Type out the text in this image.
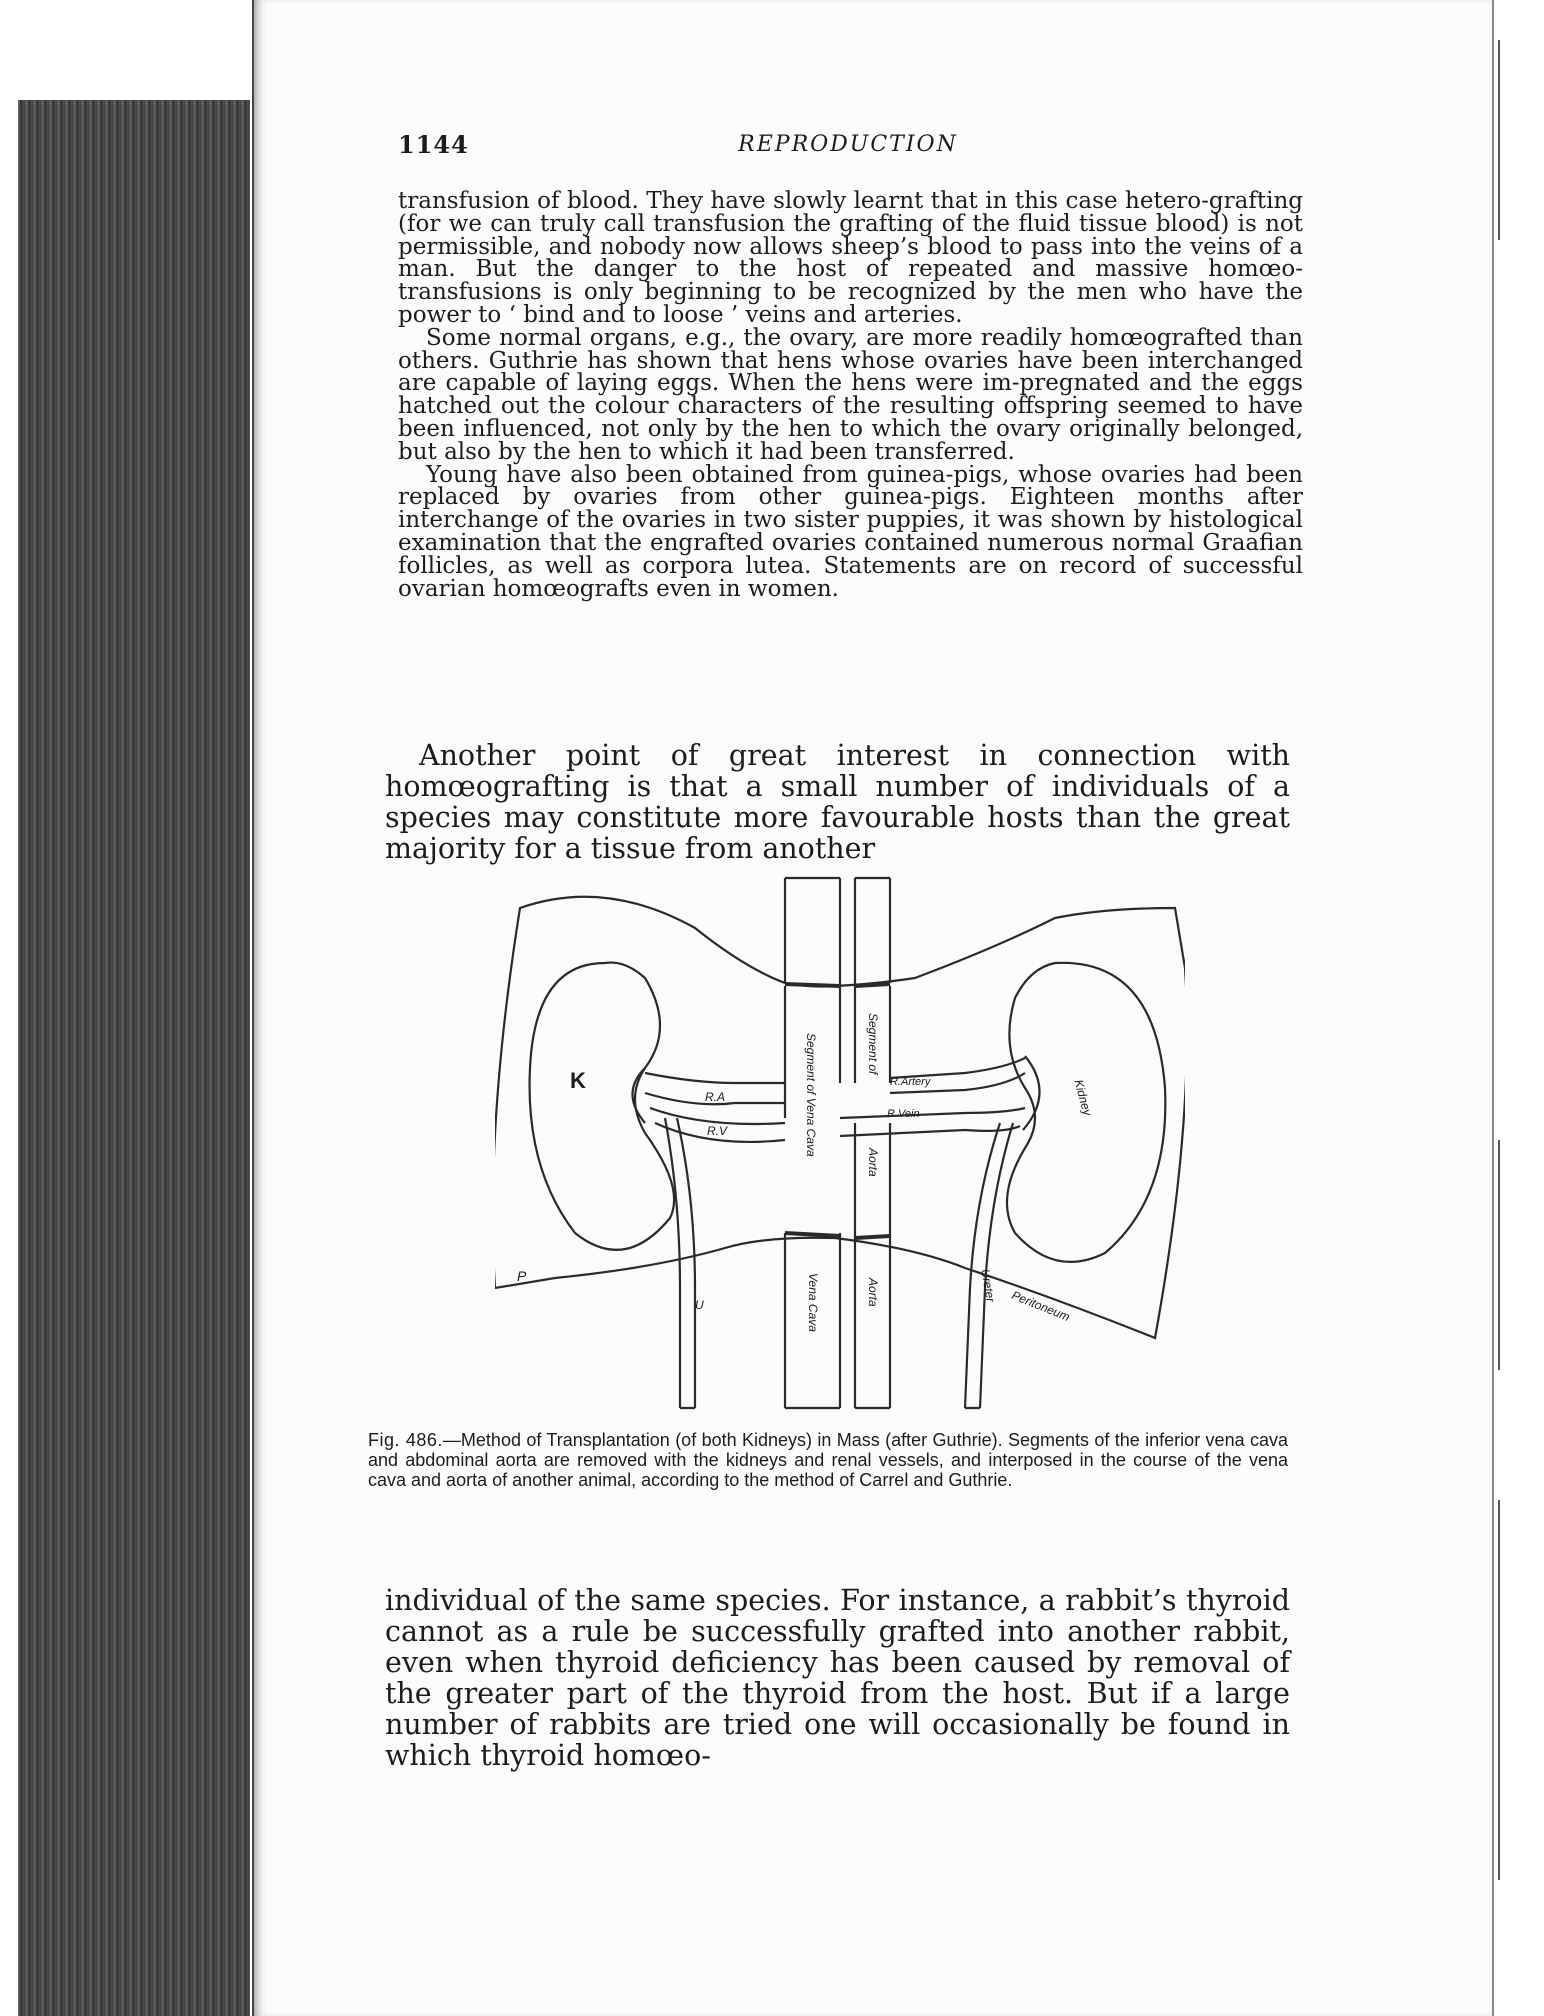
1144	REPRODUCTION

transfusion of blood. They have slowly learnt that in this case hetero-grafting (for we can truly call transfusion the grafting of the fluid tissue blood) is not permissible, and nobody now allows sheep’s blood to pass into the veins of a man. But the danger to the host of repeated and massive homœo-transfusions is only beginning to be recognized by the men who have the power to ‘ bind and to loose ’ veins and arteries.

Some normal organs, e.g., the ovary, are more readily homœografted than others. Guthrie has shown that hens whose ovaries have been interchanged are capable of laying eggs. When the hens were im-pregnated and the eggs hatched out the colour characters of the resulting offspring seemed to have been influenced, not only by the hen to which the ovary originally belonged, but also by the hen to which it had been transferred.

Young have also been obtained from guinea-pigs, whose ovaries had been replaced by ovaries from other guinea-pigs. Eighteen months after interchange of the ovaries in two sister puppies, it was shown by histological examination that the engrafted ovaries contained numerous normal Graafian follicles, as well as corpora lutea. Statements are on record of successful ovarian homœografts even in women.

Another point of great interest in connection with homœografting is that a small number of individuals of a species may constitute more favourable hosts than the great majority for a tissue from another

K
P
R.A
R.V	Segment of Vena Cava	Segment of
R.Artery
R.Vein	Kidney
Aorta
Vena Cava	Aorta
U
Ureter
Peritoneum
Fig. 486.—Method of Transplantation (of both Kidneys) in Mass (after Guthrie). Segments of the inferior vena cava and abdominal aorta are removed with the kidneys and renal vessels, and interposed in the course of the vena cava and aorta of another animal, according to the method of Carrel and Guthrie.

individual of the same species. For instance, a rabbit’s thyroid cannot as a rule be successfully grafted into another rabbit, even when thyroid deficiency has been caused by removal of the greater part of the thyroid from the host. But if a large number of rabbits are tried one will occasionally be found in which thyroid homœo-
